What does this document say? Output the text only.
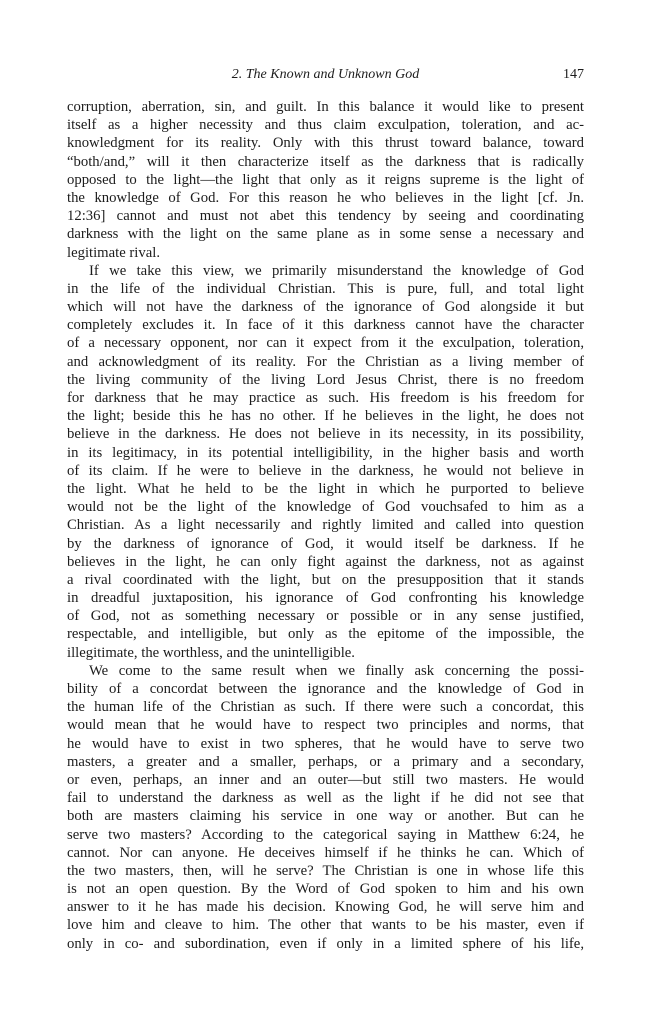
2. The Known and Unknown God	147
corruption, aberration, sin, and guilt. In this balance it would like to present
itself as a higher necessity and thus claim exculpation, toleration, and ac-
knowledgment for its reality. Only with this thrust toward balance, toward
“both/and,” will it then characterize itself as the darkness that is radically
opposed to the light—the light that only as it reigns supreme is the light of
the knowledge of God. For this reason he who believes in the light [cf. Jn.
12:36] cannot and must not abet this tendency by seeing and coordinating
darkness with the light on the same plane as in some sense a necessary and
legitimate rival.
If we take this view, we primarily misunderstand the knowledge of God
in the life of the individual Christian. This is pure, full, and total light
which will not have the darkness of the ignorance of God alongside it but
completely excludes it. In face of it this darkness cannot have the character
of a necessary opponent, nor can it expect from it the exculpation, toleration,
and acknowledgment of its reality. For the Christian as a living member of
the living community of the living Lord Jesus Christ, there is no freedom
for darkness that he may practice as such. His freedom is his freedom for
the light; beside this he has no other. If he believes in the light, he does not
believe in the darkness. He does not believe in its necessity, in its possibility,
in its legitimacy, in its potential intelligibility, in the higher basis and worth
of its claim. If he were to believe in the darkness, he would not believe in
the light. What he held to be the light in which he purported to believe
would not be the light of the knowledge of God vouchsafed to him as a
Christian. As a light necessarily and rightly limited and called into question
by the darkness of ignorance of God, it would itself be darkness. If he
believes in the light, he can only fight against the darkness, not as against
a rival coordinated with the light, but on the presupposition that it stands
in dreadful juxtaposition, his ignorance of God confronting his knowledge
of God, not as something necessary or possible or in any sense justified,
respectable, and intelligible, but only as the epitome of the impossible, the
illegitimate, the worthless, and the unintelligible.
We come to the same result when we finally ask concerning the possi-
bility of a concordat between the ignorance and the knowledge of God in
the human life of the Christian as such. If there were such a concordat, this
would mean that he would have to respect two principles and norms, that
he would have to exist in two spheres, that he would have to serve two
masters, a greater and a smaller, perhaps, or a primary and a secondary,
or even, perhaps, an inner and an outer—but still two masters. He would
fail to understand the darkness as well as the light if he did not see that
both are masters claiming his service in one way or another. But can he
serve two masters? According to the categorical saying in Matthew 6:24, he
cannot. Nor can anyone. He deceives himself if he thinks he can. Which of
the two masters, then, will he serve? The Christian is one in whose life this
is not an open question. By the Word of God spoken to him and his own
answer to it he has made his decision. Knowing God, he will serve him and
love him and cleave to him. The other that wants to be his master, even if
only in co- and subordination, even if only in a limited sphere of his life,
